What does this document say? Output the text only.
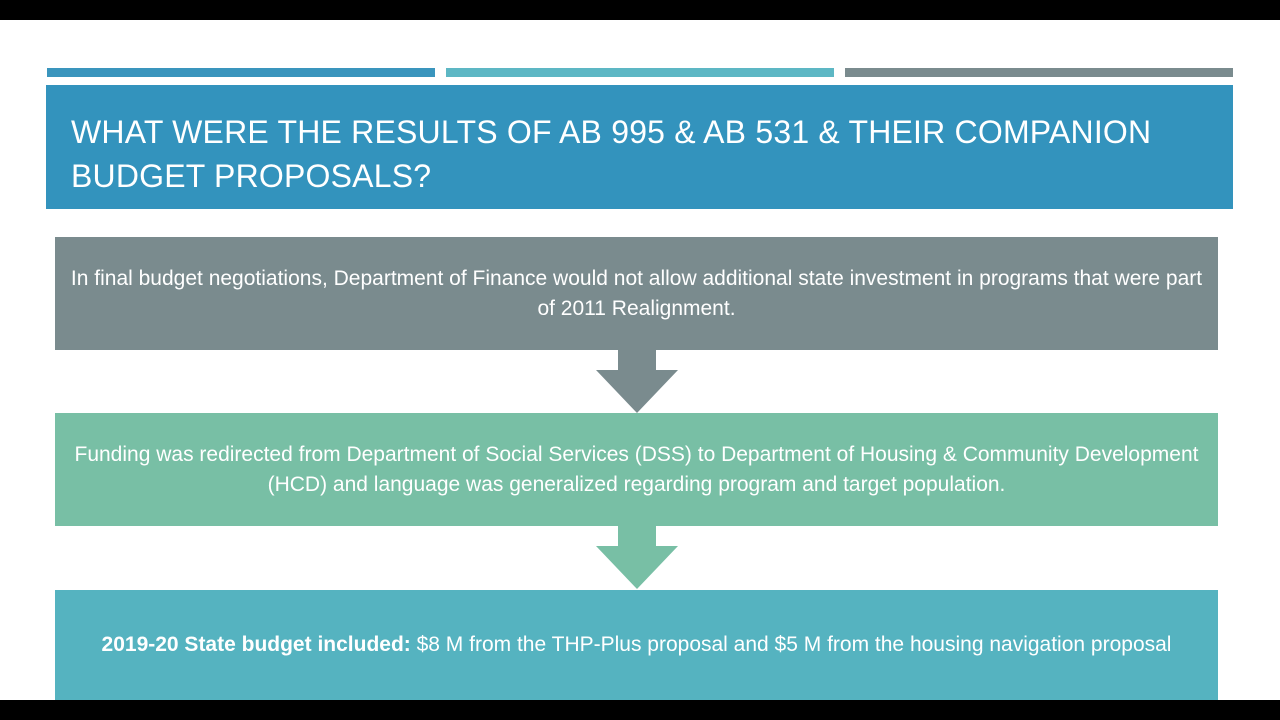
WHAT WERE THE RESULTS OF AB 995 & AB 531 & THEIR COMPANION BUDGET PROPOSALS?
In final budget negotiations, Department of Finance would not allow additional state investment in programs that were part of 2011 Realignment.
Funding was redirected from Department of Social Services (DSS) to Department of Housing & Community Development (HCD) and language was generalized regarding program and target population.
2019-20 State budget included: $8 M from the THP-Plus proposal and $5 M from the housing navigation proposal
